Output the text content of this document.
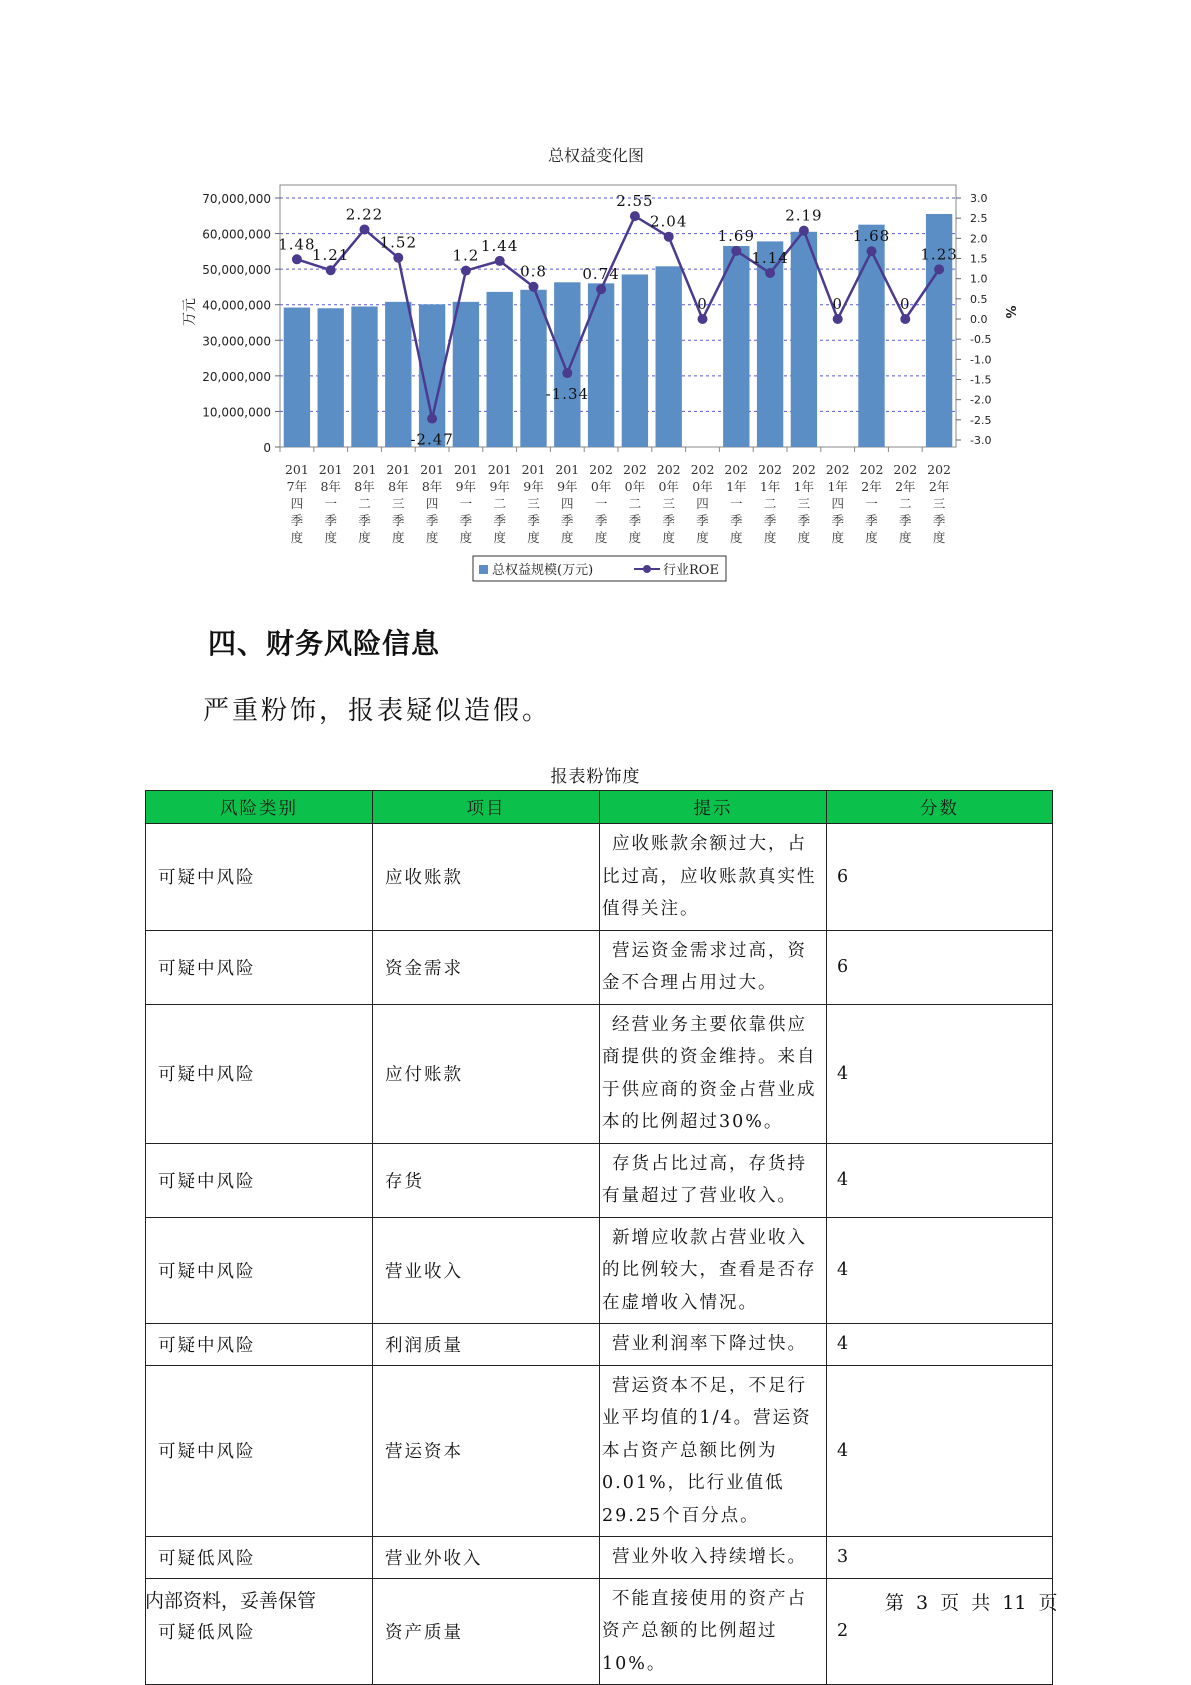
总权益变化图
0
10,000,000
20,000,000
30,000,000
40,000,000
50,000,000
60,000,000
70,000,000	3.0
2.5
2.0
1.5
1.0
0.5
0.0
-0.5
-1.0
-1.5
-2.0
-2.5
-3.0
201
7年
四
季
度
201
8年
一
季
度
201
8年
二
季
度
201
8年
三
季
度
201
8年
四
季
度
201
9年
一
季
度
201
9年
二
季
度
201
9年
三
季
度
201
9年
四
季
度
202
0年
一
季
度
202
0年
二
季
度
202
0年
三
季
度
202
0年
四
季
度
202
1年
一
季
度
202
1年
二
季
度
202
1年
三
季
度
202
1年
四
季
度
202
2年
一
季
度
202
2年
二
季
度
202
2年
三
季
度
1.48
1.21
2.22
1.52
-2.47
1.2
1.44
0.8
-1.34
0.74
2.55
2.04
0
1.69
1.14
2.19
0
1.68
0
1.23
万元	%
总权益规模(万元)	行业ROE
四、财务风险信息

严重粉饰，报表疑似造假。

报表粉饰度
风险类别	项目	提示	分数
可疑中风险	应收账款	应收账款余额过大，占比过高，应收账款真实性值得关注。	6
可疑中风险	资金需求	营运资金需求过高，资金不合理占用过大。	6
可疑中风险	应付账款	经营业务主要依靠供应商提供的资金维持。来自于供应商的资金占营业成本的比例超过30%。	4
可疑中风险	存货	存货占比过高，存货持有量超过了营业收入。	4
可疑中风险	营业收入	新增应收款占营业收入的比例较大，查看是否存在虚增收入情况。	4
可疑中风险	利润质量	营业利润率下降过快。	4
可疑中风险	营运资本	营运资本不足，不足行业平均值的1/4。营运资本占资产总额比例为0.01%，比行业值低29.25个百分点。	4
可疑低风险	营业外收入	营业外收入持续增长。	3
可疑低风险	资产质量	不能直接使用的资产占资产总额的比例超过10%。	2
内部资料，妥善保管	第 3 页 共 11 页
